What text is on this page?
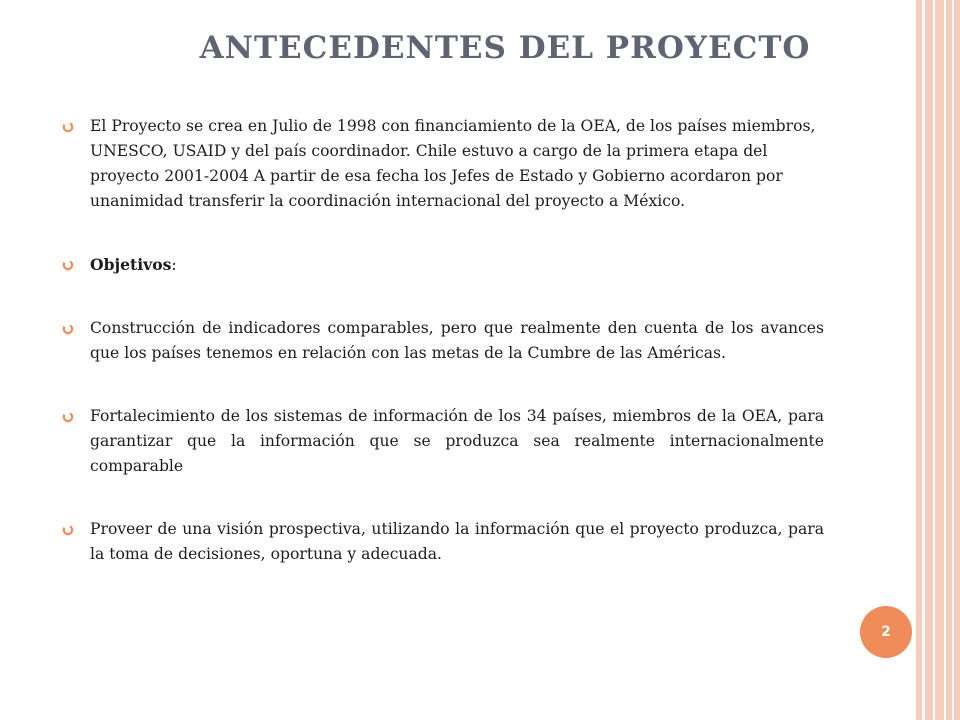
ANTECEDENTES DEL PROYECTO
El Proyecto se crea en Julio de 1998 con financiamiento de la OEA, de los países miembros, UNESCO, USAID y del país coordinador. Chile estuvo a cargo de la primera etapa del proyecto 2001-2004 A partir de esa fecha los Jefes de Estado y Gobierno acordaron por unanimidad transferir la coordinación internacional del proyecto a México.
Objetivos:
Construcción de indicadores comparables, pero que realmente den cuenta de los avances que los países tenemos en relación con las metas de la Cumbre de las Américas.
Fortalecimiento de los sistemas de información de los 34 países, miembros de la OEA, para garantizar que la información que se produzca sea realmente internacionalmente comparable
Proveer de una visión prospectiva, utilizando la información que el proyecto produzca, para la toma de decisiones, oportuna y adecuada.
2
